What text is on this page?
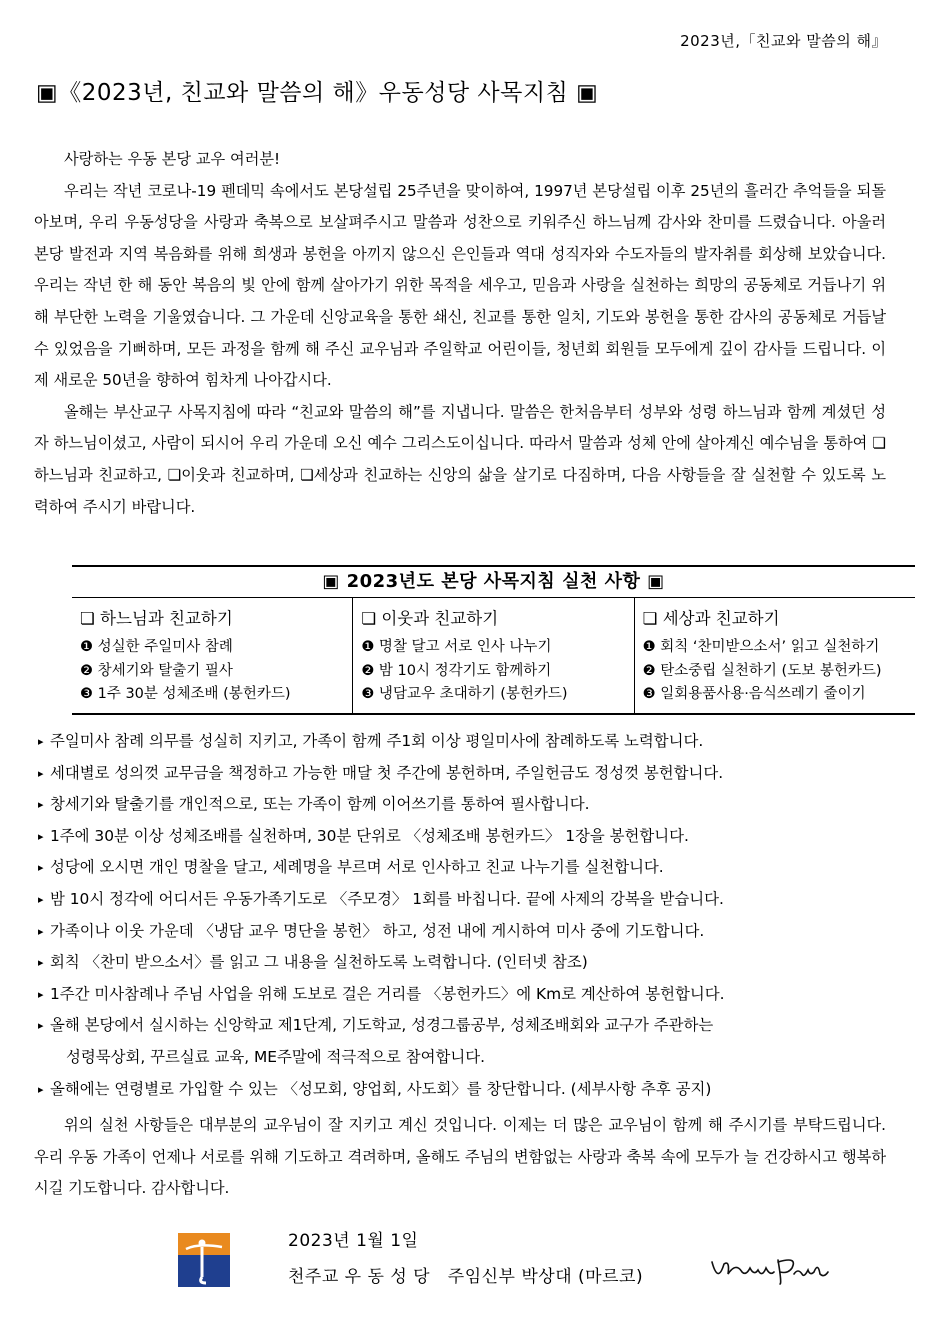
2023년,「친교와 말씀의 해』
▣《2023년, 친교와 말씀의 해》우동성당 사목지침 ▣

사랑하는 우동 본당 교우 여러분!

우리는 작년 코로나-19 펜데믹 속에서도 본당설립 25주년을 맞이하여, 1997년 본당설립 이후 25년의 흘러간 추억들을 되돌아보며, 우리 우동성당을 사랑과 축복으로 보살펴주시고 말씀과 성찬으로 키워주신 하느님께 감사와 찬미를 드렸습니다. 아울러 본당 발전과 지역 복음화를 위해 희생과 봉헌을 아끼지 않으신 은인들과 역대 성직자와 수도자들의 발자취를 회상해 보았습니다. 우리는 작년 한 해 동안 복음의 빛 안에 함께 살아가기 위한 목적을 세우고, 믿음과 사랑을 실천하는 희망의 공동체로 거듭나기 위해 부단한 노력을 기울였습니다. 그 가운데 신앙교육을 통한 쇄신, 친교를 통한 일치, 기도와 봉헌을 통한 감사의 공동체로 거듭날 수 있었음을 기뻐하며, 모든 과정을 함께 해 주신 교우님과 주일학교 어린이들, 청년회 회원들 모두에게 깊이 감사들 드립니다. 이제 새로운 50년을 향하여 힘차게 나아갑시다.

올해는 부산교구 사목지침에 따라 “친교와 말씀의 해”를 지냅니다. 말씀은 한처음부터 성부와 성령 하느님과 함께 계셨던 성자 하느님이셨고, 사람이 되시어 우리 가운데 오신 예수 그리스도이십니다. 따라서 말씀과 성체 안에 살아계신 예수님을 통하여 ❏하느님과 친교하고, ❏이웃과 친교하며, ❏세상과 친교하는 신앙의 삶을 살기로 다짐하며, 다음 사항들을 잘 실천할 수 있도록 노력하여 주시기 바랍니다.

▣ 2023년도 본당 사목지침 실천 사항 ▣
❏ 하느님과 친교하기
❶ 성실한 주일미사 참례
❷ 창세기와 탈출기 필사
❸ 1주 30분 성체조배 (봉헌카드)
❏ 이웃과 친교하기
❶ 명찰 달고 서로 인사 나누기
❷ 밤 10시 정각기도 함께하기
❸ 냉담교우 초대하기 (봉헌카드)
❏ 세상과 친교하기
❶ 회칙 ‘찬미받으소서’ 읽고 실천하기
❷ 탄소중립 실천하기 (도보 봉헌카드)
❸ 일회용품사용·음식쓰레기 줄이기
▸ 주일미사 참례 의무를 성실히 지키고, 가족이 함께 주1회 이상 평일미사에 참례하도록 노력합니다.
▸ 세대별로 성의껏 교무금을 책정하고 가능한 매달 첫 주간에 봉헌하며, 주일헌금도 정성껏 봉헌합니다.
▸ 창세기와 탈출기를 개인적으로, 또는 가족이 함께 이어쓰기를 통하여 필사합니다.
▸ 1주에 30분 이상 성체조배를 실천하며, 30분 단위로 〈성체조배 봉헌카드〉 1장을 봉헌합니다.
▸ 성당에 오시면 개인 명찰을 달고, 세례명을 부르며 서로 인사하고 친교 나누기를 실천합니다.
▸ 밤 10시 정각에 어디서든 우동가족기도로 〈주모경〉 1회를 바칩니다. 끝에 사제의 강복을 받습니다.
▸ 가족이나 이웃 가운데 〈냉담 교우 명단을 봉헌〉 하고, 성전 내에 게시하여 미사 중에 기도합니다.
▸ 회칙 〈찬미 받으소서〉를 읽고 그 내용을 실천하도록 노력합니다. (인터넷 참조)
▸ 1주간 미사참례나 주님 사업을 위해 도보로 걸은 거리를 〈봉헌카드〉에 Km로 계산하여 봉헌합니다.
▸ 올해 본당에서 실시하는 신앙학교 제1단계, 기도학교, 성경그룹공부, 성체조배회와 교구가 주관하는
성령묵상회, 꾸르실료 교육, ME주말에 적극적으로 참여합니다.
▸ 올해에는 연령별로 가입할 수 있는 〈성모회, 양업회, 사도회〉를 창단합니다. (세부사항 추후 공지)

위의 실천 사항들은 대부분의 교우님이 잘 지키고 계신 것입니다. 이제는 더 많은 교우님이 함께 해 주시기를 부탁드립니다. 우리 우동 가족이 언제나 서로를 위해 기도하고 격려하며, 올해도 주님의 변함없는 사랑과 축복 속에 모두가 늘 건강하시고 행복하시길 기도합니다. 감사합니다.

2023년 1월 1일
천주교 우 동 성 당   주임신부 박상대 (마르코)
